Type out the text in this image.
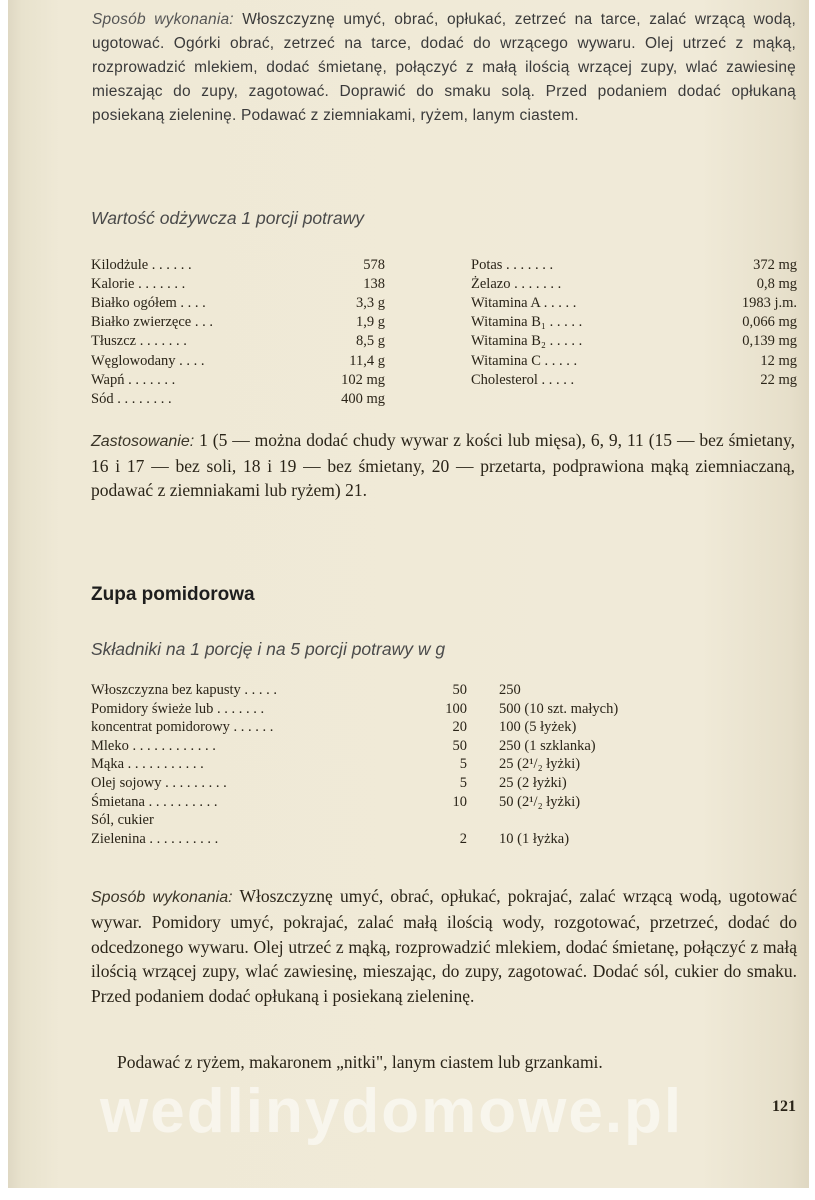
Sposób wykonania: Włoszczyznę umyć, obrać, opłukać, zetrzeć na tarce, zalać wrzącą wodą, ugotować. Ogórki obrać, zetrzeć na tarce, dodać do wrzącego wywaru. Olej utrzeć z mąką, rozprowadzić mlekiem, dodać śmietanę, połączyć z małą ilością wrzącej zupy, wlać zawiesinę mieszając do zupy, zagotować. Doprawić do smaku solą. Przed podaniem dodać opłukaną posiekaną zieleninę. Podawać z ziemniakami, ryżem, lanym ciastem.

Wartość odżywcza 1 porcji potrawy
Kilodżule . . . . . .	578
Kalorie . . . . . . .	138
Białko ogółem . . . .	3,3 g
Białko zwierzęce . . .	1,9 g
Tłuszcz . . . . . . .	8,5 g
Węglowodany . . . .	11,4 g
Wapń . . . . . . .	102 mg
Sód . . . . . . . .	400 mg
Potas . . . . . . .	372 mg
Żelazo . . . . . . .	0,8 mg
Witamina A . . . . .	1983 j.m.
Witamina B₁ . . . . .	0,066 mg
Witamina B₂ . . . . .	0,139 mg
Witamina C . . . . .	12 mg
Cholesterol . . . . .	22 mg

Zastosowanie: 1 (5 — można dodać chudy wywar z kości lub mięsa), 6, 9, 11 (15 — bez śmietany, 16 i 17 — bez soli, 18 i 19 — bez śmietany, 20 — przetarta, podprawiona mąką ziemniaczaną, podawać z ziemniakami lub ryżem) 21.

Zupa pomidorowa
Składniki na 1 porcję i na 5 porcji potrawy w g
Włoszczyzna bez kapusty . . . . .	50 250
Pomidory świeże lub . . . . . . .	100 500 (10 szt. małych)
koncentrat pomidorowy . . . . . .	20 100 (5 łyżek)
Mleko . . . . . . . . . . . .	50 250 (1 szklanka)
Mąka . . . . . . . . . . .	5 25 (2¹/₂ łyżki)
Olej sojowy . . . . . . . . .	5 25 (2 łyżki)
Śmietana . . . . . . . . . .	10 50 (2¹/₂ łyżki)
Sól, cukier
Zielenina . . . . . . . . . .	2 10 (1 łyżka)

Sposób wykonania: Włoszczyznę umyć, obrać, opłukać, pokrajać, zalać wrzącą wodą, ugotować wywar. Pomidory umyć, pokrajać, zalać małą ilością wody, rozgotować, przetrzeć, dodać do odcedzonego wywaru. Olej utrzeć z mąką, rozprowadzić mlekiem, dodać śmietanę, połączyć z małą ilością wrzącej zupy, wlać zawiesinę, mieszając, do zupy, zagotować. Dodać sól, cukier do smaku. Przed podaniem dodać opłukaną i posiekaną zieleninę.

Podawać z ryżem, makaronem „nitki", lanym ciastem lub grzankami.

wedlinydomowe.pl	121
